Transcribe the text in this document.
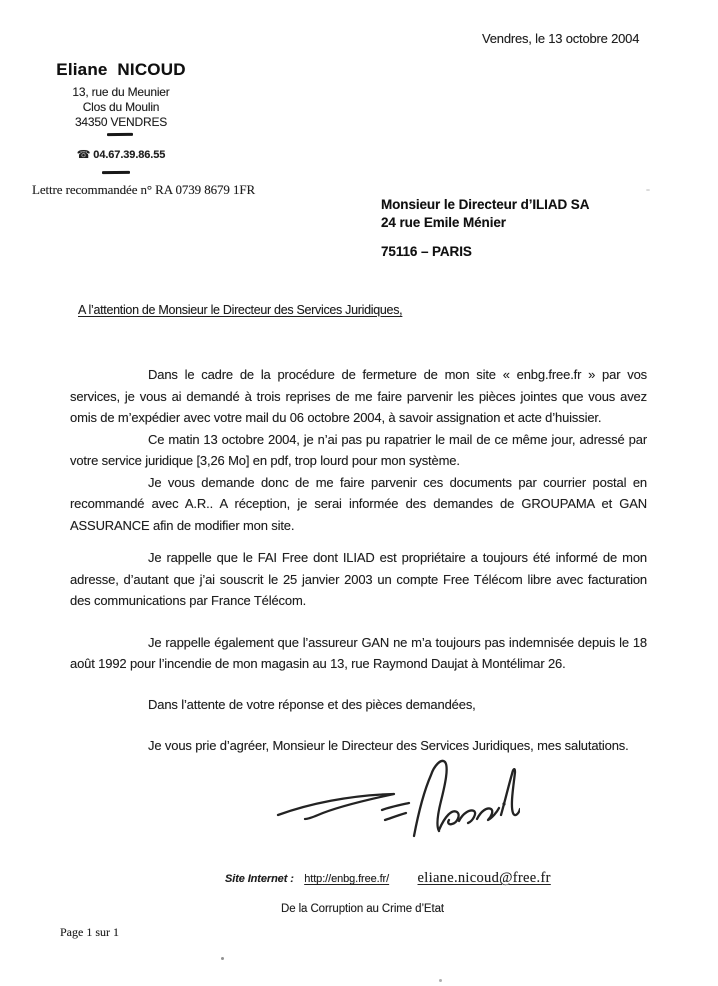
Vendres, le 13 octobre 2004
Eliane  NICOUD
13, rue du Meunier
Clos du Moulin
34350 VENDRES
☎ 04.67.39.86.55
Lettre recommandée n° RA 0739 8679 1FR
Monsieur le Directeur d’ILIAD SA
24 rue Emile Ménier
75116 – PARIS
A l’attention de Monsieur le Directeur des Services Juridiques,

Dans le cadre de la procédure de fermeture de mon site « enbg.free.fr » par vos services, je vous ai demandé à trois reprises de me faire parvenir les pièces jointes que vous avez omis de m’expédier avec votre mail du 06 octobre 2004, à savoir assignation et acte d’huissier.

Ce matin 13 octobre 2004, je n’ai pas pu rapatrier le mail de ce même jour, adressé par votre service juridique [3,26 Mo] en pdf, trop lourd pour mon système.

Je vous demande donc de me faire parvenir ces documents par courrier postal en recommandé avec A.R.. A réception, je serai informée des demandes de GROUPAMA et GAN ASSURANCE afin de modifier mon site.

Je rappelle que le FAI Free dont ILIAD est propriétaire a toujours été informé de mon adresse, d’autant que j’ai souscrit le 25 janvier 2003 un compte Free Télécom libre avec facturation des communications par France Télécom.

Je rappelle également que l’assureur GAN ne m’a toujours pas indemnisée depuis le 18 août 1992 pour l’incendie de mon magasin au 13, rue Raymond Daujat à Montélimar 26.

Dans l’attente de votre réponse et des pièces demandées,

Je vous prie d’agréer, Monsieur le Directeur des Services Juridiques, mes salutations.

Site Internet : http://enbg.free.fr/ eliane.nicoud@free.fr
De la Corruption au Crime d’Etat
Page 1 sur 1
